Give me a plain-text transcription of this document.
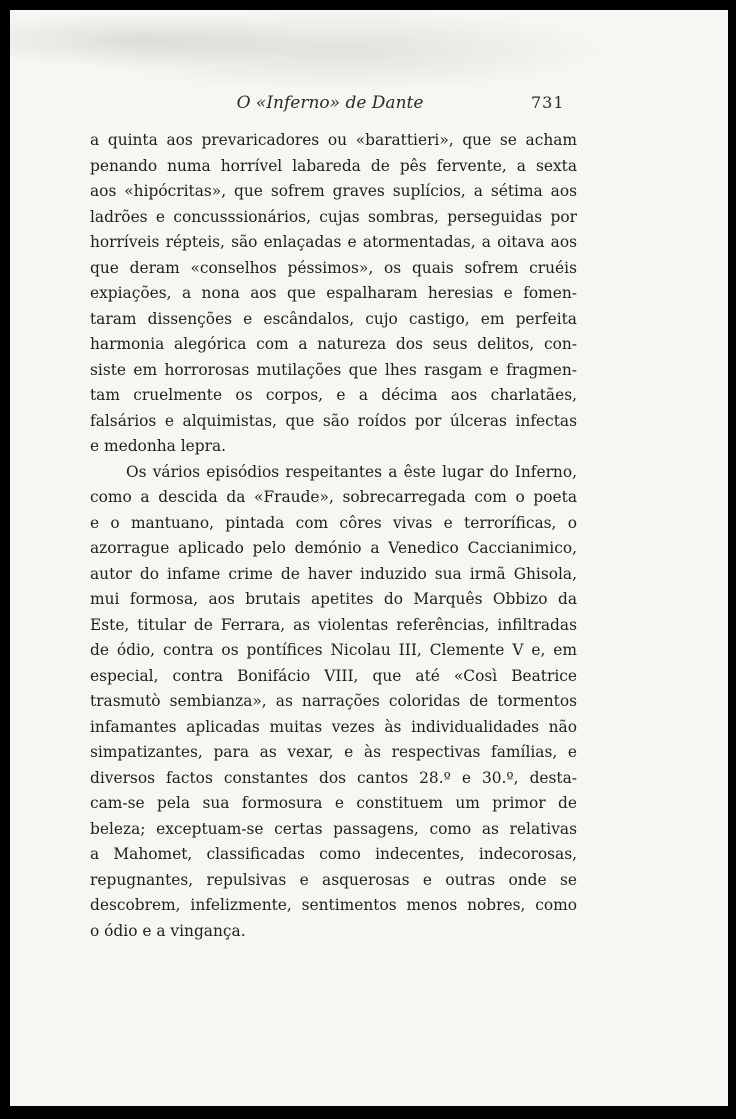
O «Inferno» de Dante	731
a quinta aos prevaricadores ou «barattieri», que se acham
penando numa horrível labareda de pês fervente, a sexta
aos «hipócritas», que sofrem graves suplícios, a sétima aos
ladrões e concusssionários, cujas sombras, perseguidas por
horríveis répteis, são enlaçadas e atormentadas, a oitava aos
que deram «conselhos péssimos», os quais sofrem cruéis
expiações, a nona aos que espalharam heresias e fomen-
taram dissenções e escândalos, cujo castigo, em perfeita
harmonia alegórica com a natureza dos seus delitos, con-
siste em horrorosas mutilações que lhes rasgam e fragmen-
tam cruelmente os corpos, e a décima aos charlatães,
falsários e alquimistas, que são roídos por úlceras infectas
e medonha lepra.
Os vários episódios respeitantes a êste lugar do Inferno,
como a descida da «Fraude», sobrecarregada com o poeta
e o mantuano, pintada com côres vivas e terroríficas, o
azorrague aplicado pelo demónio a Venedico Caccianimico,
autor do infame crime de haver induzido sua irmã Ghisola,
mui formosa, aos brutais apetites do Marquês Obbizo da
Este, titular de Ferrara, as violentas referências, infiltradas
de ódio, contra os pontífices Nicolau III, Clemente V e, em
especial, contra Bonifácio VIII, que até «Così Beatrice
trasmutò sembianza», as narrações coloridas de tormentos
infamantes aplicadas muitas vezes às individualidades não
simpatizantes, para as vexar, e às respectivas famílias, e
diversos factos constantes dos cantos 28.º e 30.º, desta-
cam-se pela sua formosura e constituem um primor de
beleza; exceptuam-se certas passagens, como as relativas
a Mahomet, classificadas como indecentes, indecorosas,
repugnantes, repulsivas e asquerosas e outras onde se
descobrem, infelizmente, sentimentos menos nobres, como
o ódio e a vingança.
